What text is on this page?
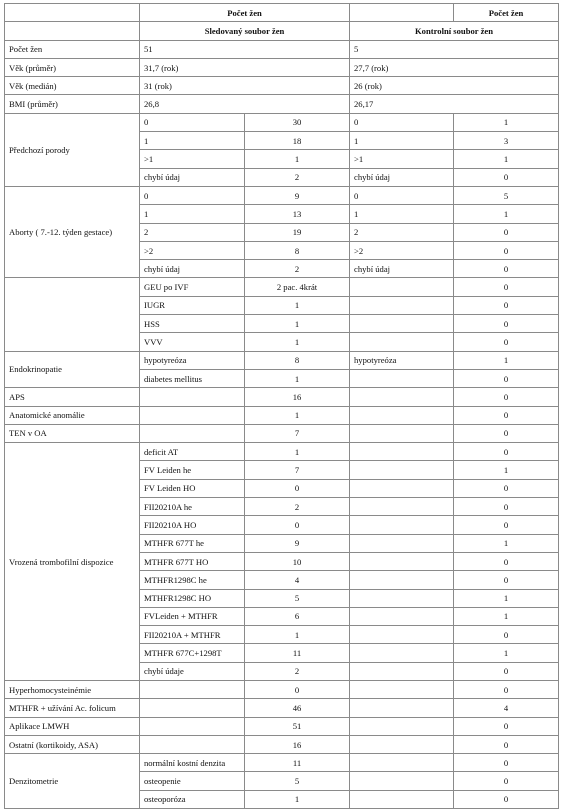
	Počet žen			Počet žen
	Sledovaný soubor žen		Kontrolní soubor žen	
Počet žen	51		5	
Věk (průměr)	31,7 (rok)		27,7 (rok)	
Věk (medián)	31 (rok)		26 (rok)	
BMI (průměr)	26,8		26,17	
Předchozí porody	0	30	0	1
	1	18	1	3
	>1	1	>1	1
	chybí údaj	2	chybí údaj	0
Aborty ( 7.-12. týden gestace)	0	9	0	5
	1	13	1	1
	2	19	2	0
	>2	8	>2	0
	chybí údaj	2	chybí údaj	0
	GEU po IVF	2 pac. 4krát		0
	IUGR	1		0
	HSS	1		0
	VVV	1		0
Endokrinopatie	hypotyreóza	8	hypotyreóza	1
	diabetes mellitus	1		0
APS		16		0
Anatomické anomálie		1		0
TEN v OA		7		0
Vrozená trombofilní dispozice	deficit AT	1		0
	FV Leiden he	7		1
	FV Leiden HO	0		0
	FII20210A he	2		0
	FII20210A HO	0		0
	MTHFR 677T he	9		1
	MTHFR 677T HO	10		0
	MTHFR1298C he	4		0
	MTHFR1298C HO	5		1
	FVLeiden + MTHFR	6		1
	FII20210A + MTHFR	1		0
	MTHFR 677C+1298T	11		1
	chybí údaje	2		0
Hyperhomocysteinémie		0		0
MTHFR + užívání Ac. folicum		46		4
Aplikace LMWH		51		0
Ostatní (kortikoidy, ASA)		16		0
Denzitometrie	normální kostní denzita	11		0
	osteopenie	5		0
	osteoporóza	1		0
